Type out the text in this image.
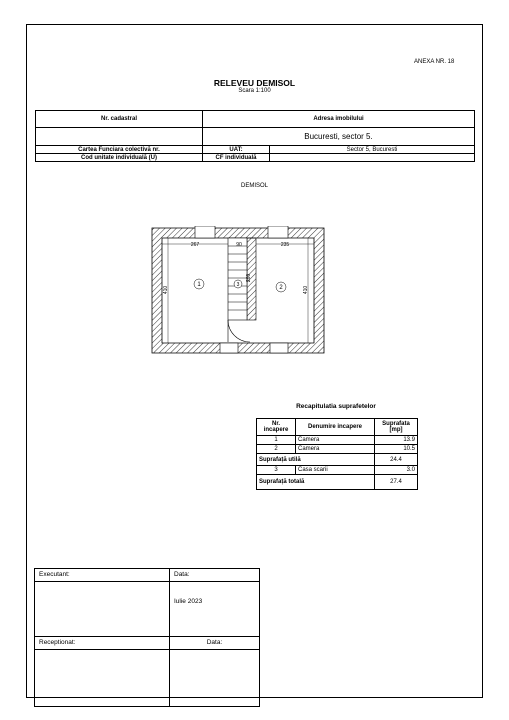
ANEXA NR. 18
RELEVEU DEMISOL
Scara 1:100
Nr. cadastral	Adresa imobilului	
	Bucuresti, sector 5.	
Cartea Funciara colectivă nr.	UAT:	Sector 5, Bucuresti
Cod unitate individuală (U)	CF individuală	
DEMISOL
267	90	235
410
260
410
1	2
3
Recapitulatia suprafetelor
Nr. incapere	Denumire incapere	Suprafata [mp]
1	Camera	13.9
2	Camera	10.5
Suprafață utilă		24.4
3	Casa scarii	3.0
Suprafață totală		27.4
Executant:	Data:
	Iulie 2023
Receptionat:	Data:
